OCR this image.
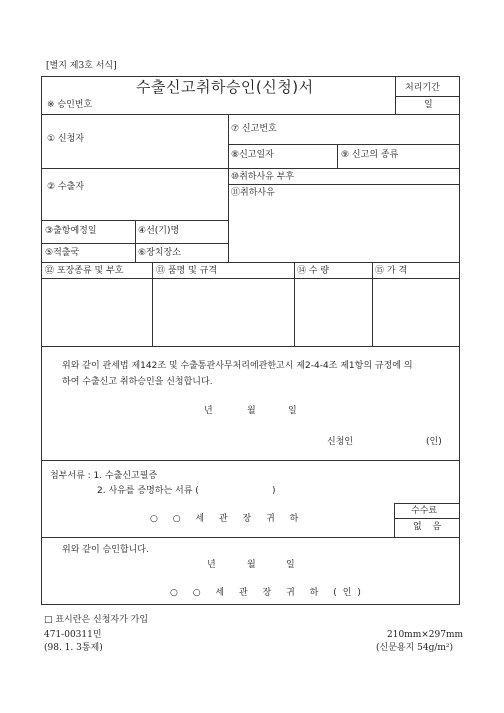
[별지 제3호 서식]
수출신고취하승인(신청)서	처리기간
일
※ 승인번호
① 신청자
⑦ 신고번호
⑧신고일자	⑨ 신고의 종류
② 수출자
⑩취하사유 부후
⑪취하사유
③출항예정일	④선(기)명
⑤적출국	⑥장치장소
⑫ 포장종류 및 부호	⑬ 품명 및 규격	⑭ 수 량	⑮ 가 격
위와 같이 관세법 제142조 및 수출통관사무처리에관한고시 제2-4-4조 제1항의 규정에 의
하여 수출신고 취하승인을 신청합니다.
년	월	일
신청인	(인)
첨부서류 : 1. 수출신고필증
2. 사유를 증명하는 서류 (	)
수수료
없 음
○ ○ 세 관 장 귀 하
위와 같이 승인합니다.
년	월	일
○ ○ 세 관 장 귀 하 (인)
□ 표시란은 신청자가 가입
471-00311민
(98. 1. 3통제)
210mm×297mm
(신문용지 54g/m²)
